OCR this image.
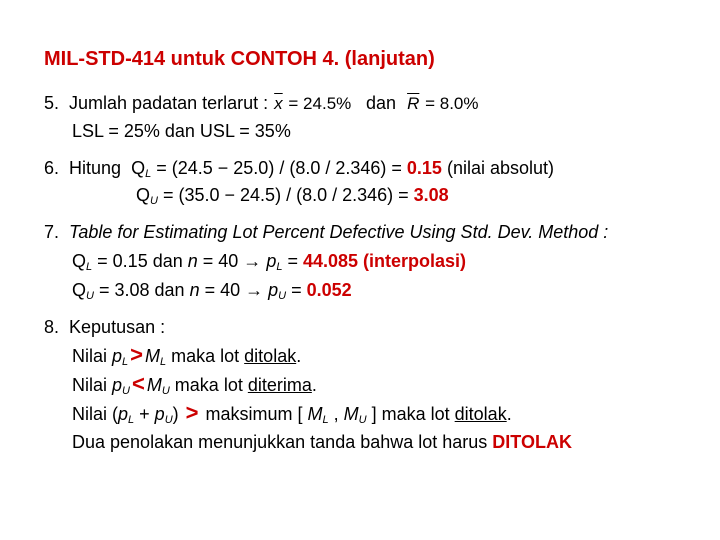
MIL-STD-414 untuk CONTOH 4. (lanjutan)
5. Jumlah padatan terlarut : $\overline{x} = 24.5\%$ dan $\overline{R} = 8.0\%$
LSL = 25% dan USL = 35%
6. Hitung $Q_L = (24.5 - 25.0) / (8.0 / 2.346) = 0.15$ (nilai absolut)
$Q_U = (35.0 - 24.5) / (8.0 / 2.346) = 3.08$
7. Table for Estimating Lot Percent Defective Using Std. Dev. Method :
$Q_L = 0.15$ dan $n = 40 \to p_L = 44.085$ (interpolasi)
$Q_U = 3.08$ dan $n = 40 \to p_U = 0.052$
8. Keputusan :
Nilai $p_L> M_L$ maka lot ditolak.
Nilai $p_U< M_U$ maka lot diterima.
Nilai $(p_L + p_U)$ > maksimum [ $M_L$ , $M_U$ ] maka lot ditolak.
Dua penolakan menunjukkan tanda bahwa lot harus DITOLAK
